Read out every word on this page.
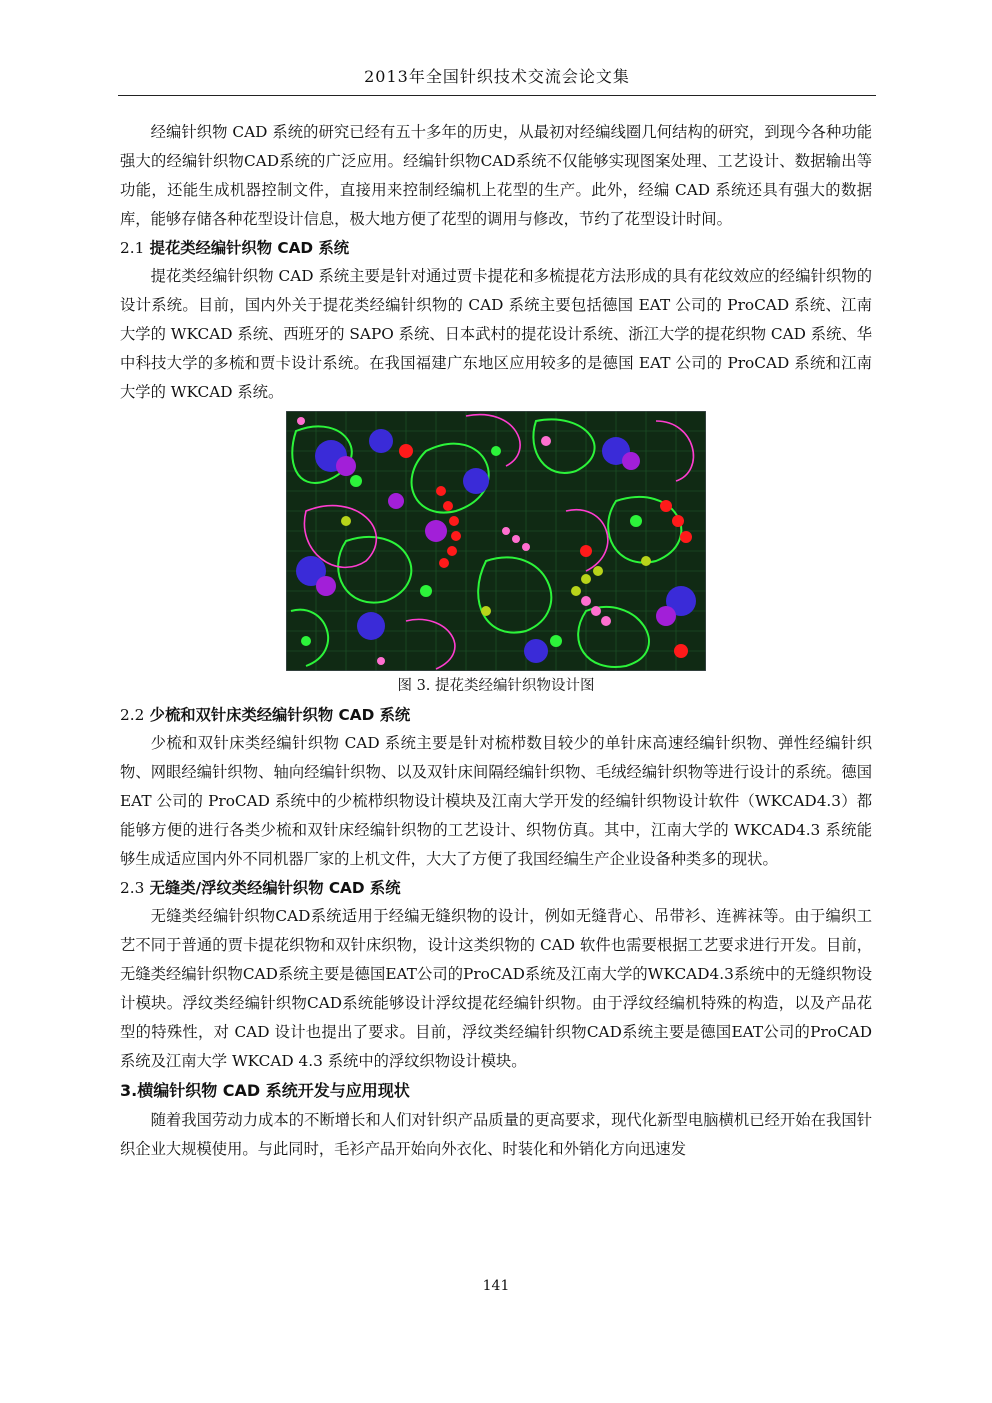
2013年全国针织技术交流会论文集

经编针织物 CAD 系统的研究已经有五十多年的历史，从最初对经编线圈几何结构的研究，到现今各种功能强大的经编针织物CAD系统的广泛应用。经编针织物CAD系统不仅能够实现图案处理、工艺设计、数据输出等功能，还能生成机器控制文件，直接用来控制经编机上花型的生产。此外，经编 CAD 系统还具有强大的数据库，能够存储各种花型设计信息，极大地方便了花型的调用与修改，节约了花型设计时间。

2.1 提花类经编针织物 CAD 系统

提花类经编针织物 CAD 系统主要是针对通过贾卡提花和多梳提花方法形成的具有花纹效应的经编针织物的设计系统。目前，国内外关于提花类经编针织物的 CAD 系统主要包括德国 EAT 公司的 ProCAD 系统、江南大学的 WKCAD 系统、西班牙的 SAPO 系统、日本武村的提花设计系统、浙江大学的提花织物 CAD 系统、华中科技大学的多梳和贾卡设计系统。在我国福建广东地区应用较多的是德国 EAT 公司的 ProCAD 系统和江南大学的 WKCAD 系统。

图 3. 提花类经编针织物设计图
2.2 少梳和双针床类经编针织物 CAD 系统

少梳和双针床类经编针织物 CAD 系统主要是针对梳栉数目较少的单针床高速经编针织物、弹性经编针织物、网眼经编针织物、轴向经编针织物、以及双针床间隔经编针织物、毛绒经编针织物等进行设计的系统。德国 EAT 公司的 ProCAD 系统中的少梳栉织物设计模块及江南大学开发的经编针织物设计软件（WKCAD4.3）都能够方便的进行各类少梳和双针床经编针织物的工艺设计、织物仿真。其中，江南大学的 WKCAD4.3 系统能够生成适应国内外不同机器厂家的上机文件，大大了方便了我国经编生产企业设备种类多的现状。

2.3 无缝类/浮纹类经编针织物 CAD 系统

无缝类经编针织物CAD系统适用于经编无缝织物的设计，例如无缝背心、吊带衫、连裤袜等。由于编织工艺不同于普通的贾卡提花织物和双针床织物，设计这类织物的 CAD 软件也需要根据工艺要求进行开发。目前，无缝类经编针织物CAD系统主要是德国EAT公司的ProCAD系统及江南大学的WKCAD4.3系统中的无缝织物设计模块。浮纹类经编针织物CAD系统能够设计浮纹提花经编针织物。由于浮纹经编机特殊的构造，以及产品花型的特殊性，对 CAD 设计也提出了要求。目前，浮纹类经编针织物CAD系统主要是德国EAT公司的ProCAD系统及江南大学 WKCAD 4.3 系统中的浮纹织物设计模块。

3.横编针织物 CAD 系统开发与应用现状

随着我国劳动力成本的不断增长和人们对针织产品质量的更高要求，现代化新型电脑横机已经开始在我国针织企业大规模使用。与此同时，毛衫产品开始向外衣化、时装化和外销化方向迅速发

141
